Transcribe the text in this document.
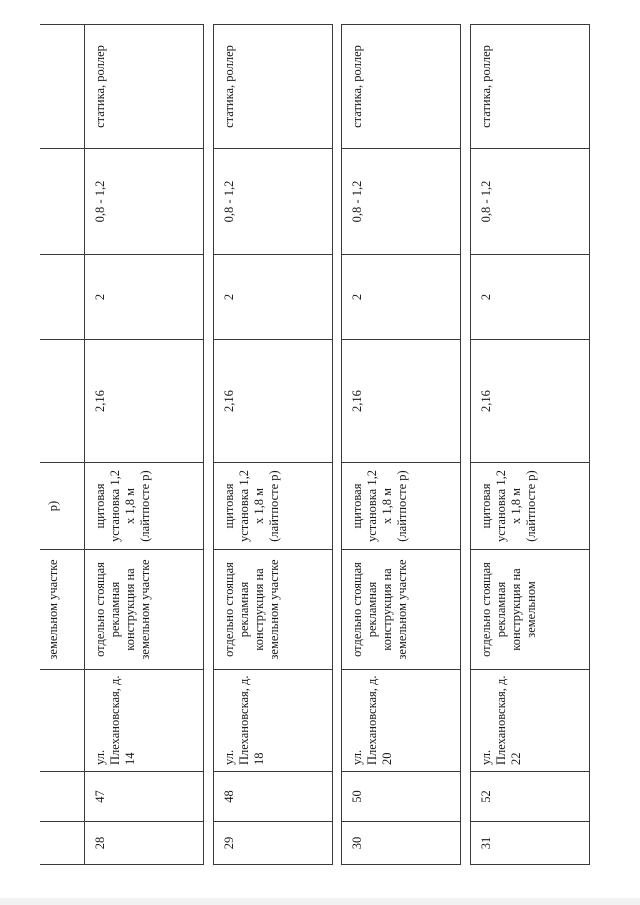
			земельном участке	р)				

28	47	ул. Плехановская, д. 14	отдельно стоящая рекламная конструкция на земельном участке	щитовая установка 1,2 х 1,8 м (лайтпосте р)	2,16	2	0,8 - 1,2	статика, роллер

29	48	ул. Плехановская, д. 18	отдельно стоящая рекламная конструкция на земельном участке	щитовая установка 1,2 х 1,8 м (лайтпосте р)	2,16	2	0,8 - 1,2	статика, роллер

30	50	ул. Плехановская, д. 20	отдельно стоящая рекламная конструкция на земельном участке	щитовая установка 1,2 х 1,8 м (лайтпосте р)	2,16	2	0,8 - 1,2	статика, роллер

31	52	ул. Плехановская, д. 22	отдельно стоящая рекламная конструкция на земельном	щитовая установка 1,2 х 1,8 м (лайтпосте р)	2,16	2	0,8 - 1,2	статика, роллер
